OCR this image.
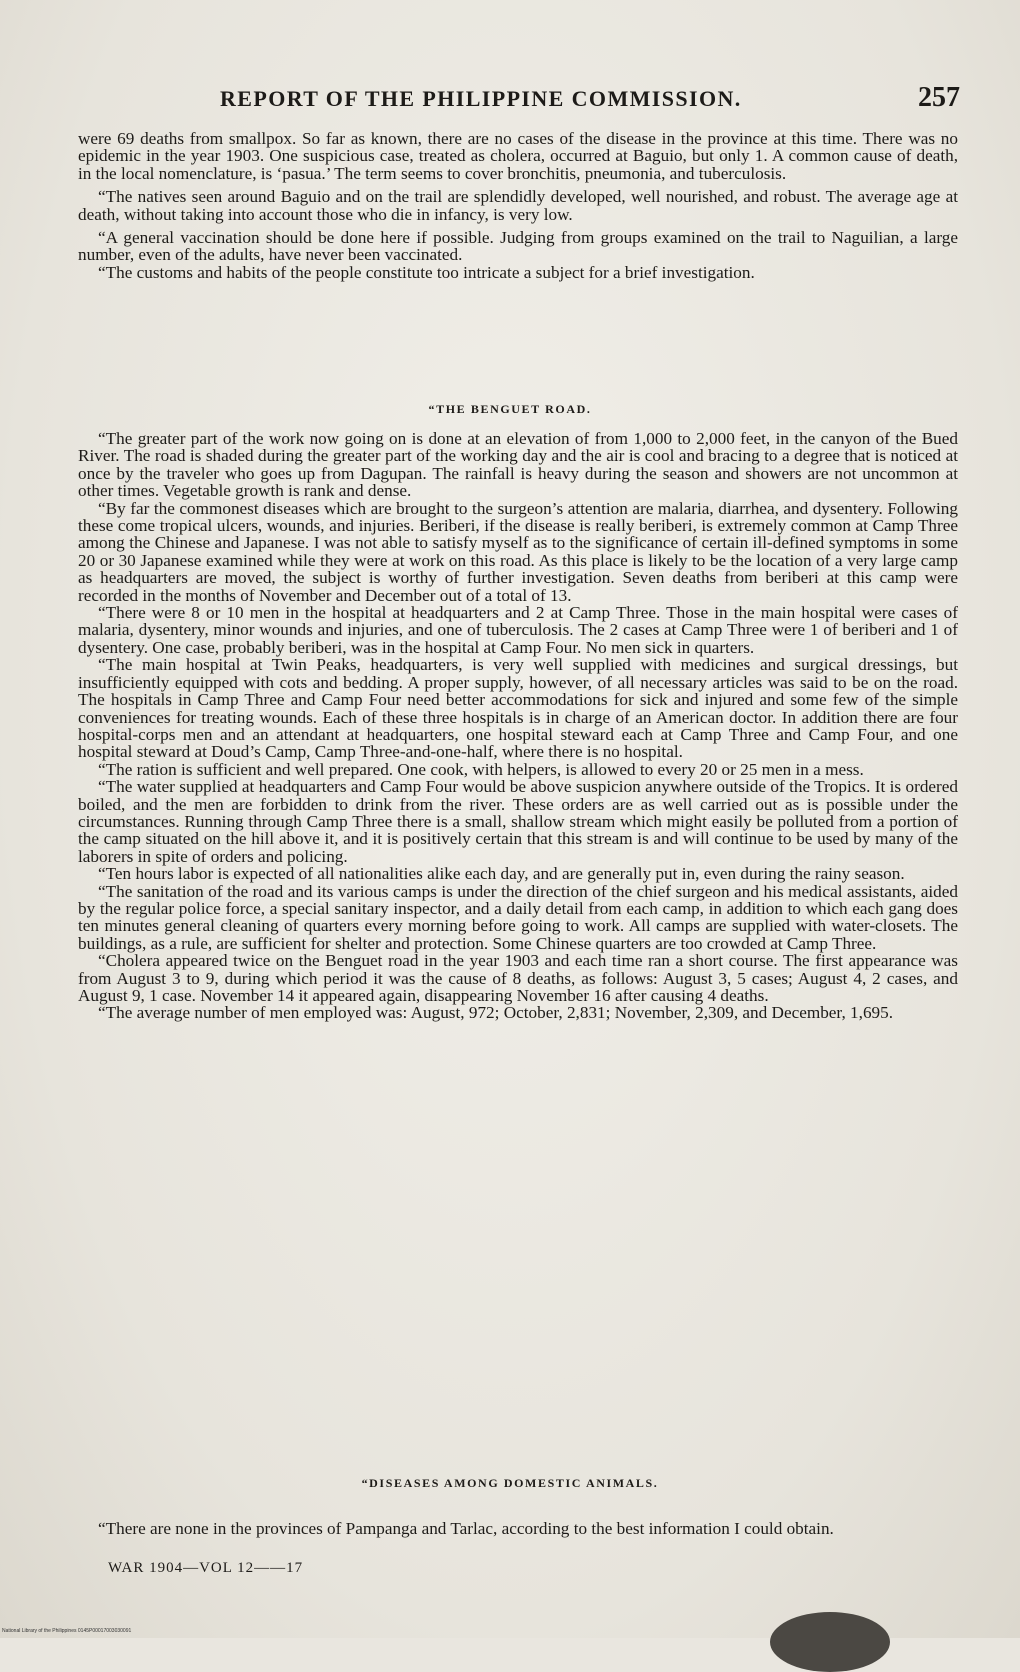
REPORT OF THE PHILIPPINE COMMISSION.	257

were 69 deaths from smallpox. So far as known, there are no cases of the disease in the province at this time. There was no epidemic in the year 1903. One suspicious case, treated as cholera, occurred at Baguio, but only 1. A common cause of death, in the local nomenclature, is ‘pasua.’ The term seems to cover bronchitis, pneumonia, and tuberculosis.

“The natives seen around Baguio and on the trail are splendidly developed, well nourished, and robust. The average age at death, without taking into account those who die in infancy, is very low.

“A general vaccination should be done here if possible. Judging from groups examined on the trail to Naguilian, a large number, even of the adults, have never been vaccinated.

“The customs and habits of the people constitute too intricate a subject for a brief investigation.

“THE BENGUET ROAD.

“The greater part of the work now going on is done at an elevation of from 1,000 to 2,000 feet, in the canyon of the Bued River. The road is shaded during the greater part of the working day and the air is cool and bracing to a degree that is noticed at once by the traveler who goes up from Dagupan. The rainfall is heavy during the season and showers are not uncommon at other times. Vegetable growth is rank and dense.

“By far the commonest diseases which are brought to the surgeon’s attention are malaria, diarrhea, and dysentery. Following these come tropical ulcers, wounds, and injuries. Beriberi, if the disease is really beriberi, is extremely common at Camp Three among the Chinese and Japanese. I was not able to satisfy myself as to the significance of certain ill-defined symptoms in some 20 or 30 Japanese examined while they were at work on this road. As this place is likely to be the location of a very large camp as headquarters are moved, the subject is worthy of further investigation. Seven deaths from beriberi at this camp were recorded in the months of November and December out of a total of 13.

“There were 8 or 10 men in the hospital at headquarters and 2 at Camp Three. Those in the main hospital were cases of malaria, dysentery, minor wounds and injuries, and one of tuberculosis. The 2 cases at Camp Three were 1 of beriberi and 1 of dysentery. One case, probably beriberi, was in the hospital at Camp Four. No men sick in quarters.

“The main hospital at Twin Peaks, headquarters, is very well supplied with medicines and surgical dressings, but insufficiently equipped with cots and bedding. A proper supply, however, of all necessary articles was said to be on the road. The hospitals in Camp Three and Camp Four need better accommodations for sick and injured and some few of the simple conveniences for treating wounds. Each of these three hospitals is in charge of an American doctor. In addition there are four hospital-corps men and an attendant at headquarters, one hospital steward each at Camp Three and Camp Four, and one hospital steward at Doud’s Camp, Camp Three-and-one-half, where there is no hospital.

“The ration is sufficient and well prepared. One cook, with helpers, is allowed to every 20 or 25 men in a mess.

“The water supplied at headquarters and Camp Four would be above suspicion anywhere outside of the Tropics. It is ordered boiled, and the men are forbidden to drink from the river. These orders are as well carried out as is possible under the circumstances. Running through Camp Three there is a small, shallow stream which might easily be polluted from a portion of the camp situated on the hill above it, and it is positively certain that this stream is and will continue to be used by many of the laborers in spite of orders and policing.

“Ten hours labor is expected of all nationalities alike each day, and are generally put in, even during the rainy season.

“The sanitation of the road and its various camps is under the direction of the chief surgeon and his medical assistants, aided by the regular police force, a special sanitary inspector, and a daily detail from each camp, in addition to which each gang does ten minutes general cleaning of quarters every morning before going to work. All camps are supplied with water-closets. The buildings, as a rule, are sufficient for shelter and protection. Some Chinese quarters are too crowded at Camp Three.

“Cholera appeared twice on the Benguet road in the year 1903 and each time ran a short course. The first appearance was from August 3 to 9, during which period it was the cause of 8 deaths, as follows: August 3, 5 cases; August 4, 2 cases, and August 9, 1 case. November 14 it appeared again, disappearing November 16 after causing 4 deaths.

“The average number of men employed was: August, 972; October, 2,831; November, 2,309, and December, 1,695.

“DISEASES AMONG DOMESTIC ANIMALS.

“There are none in the provinces of Pampanga and Tarlac, according to the best information I could obtain.

WAR 1904—VOL 12——17
National Library of the Philippines 0145P00017003030091
